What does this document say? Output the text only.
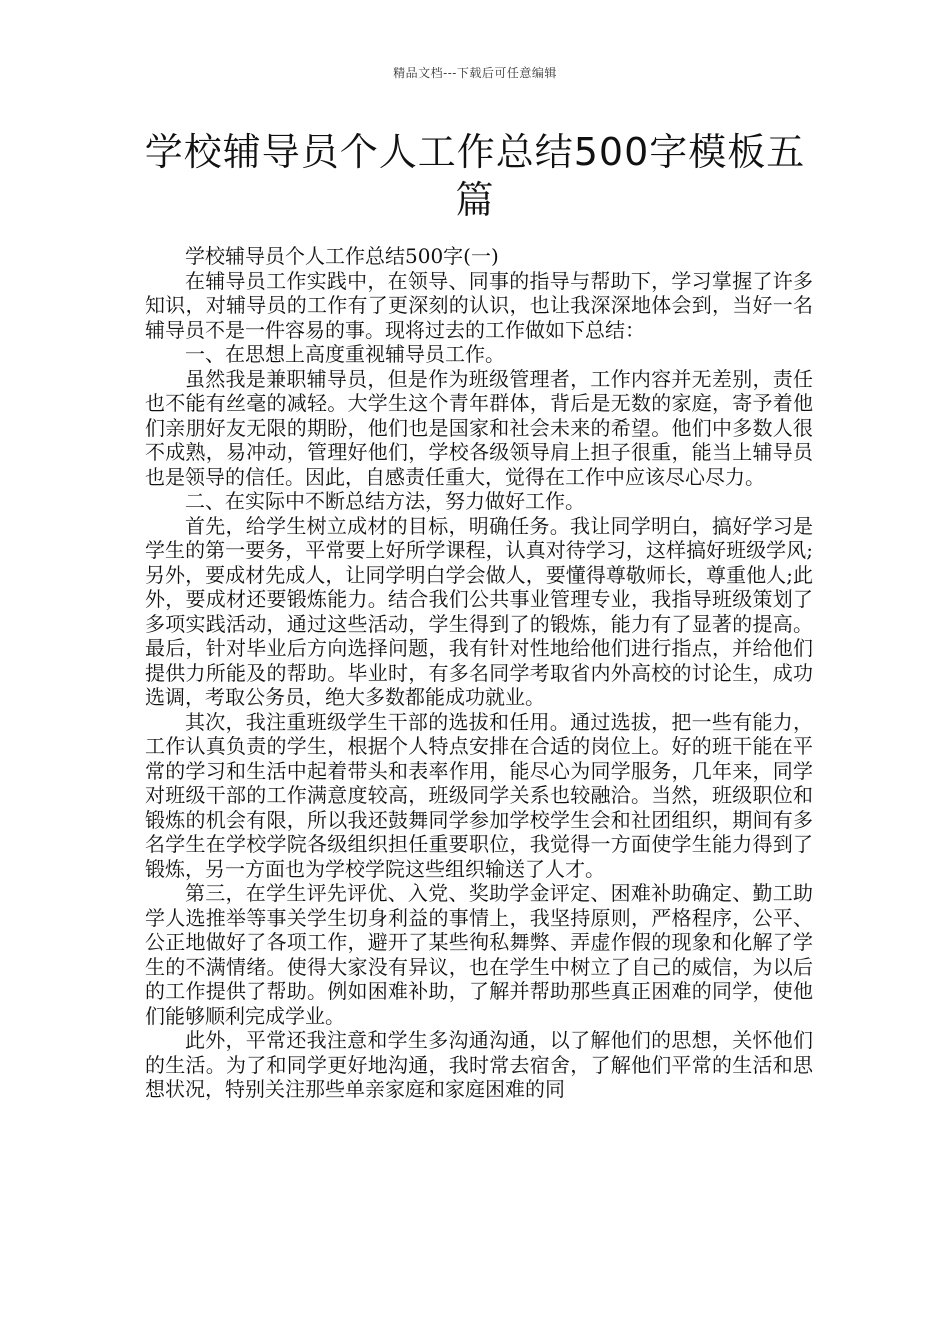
精品文档---下载后可任意编辑
学校辅导员个人工作总结500字模板五篇

学校辅导员个人工作总结500字(一)

在辅导员工作实践中，在领导、同事的指导与帮助下，学习掌握了许多知识，对辅导员的工作有了更深刻的认识，也让我深深地体会到，当好一名辅导员不是一件容易的事。现将过去的工作做如下总结：

一、在思想上高度重视辅导员工作。

虽然我是兼职辅导员，但是作为班级管理者，工作内容并无差别，责任也不能有丝毫的减轻。大学生这个青年群体，背后是无数的家庭，寄予着他们亲朋好友无限的期盼，他们也是国家和社会未来的希望。他们中多数人很不成熟，易冲动，管理好他们，学校各级领导肩上担子很重，能当上辅导员也是领导的信任。因此，自感责任重大，觉得在工作中应该尽心尽力。

二、在实际中不断总结方法，努力做好工作。

首先，给学生树立成材的目标，明确任务。我让同学明白，搞好学习是学生的第一要务，平常要上好所学课程，认真对待学习，这样搞好班级学风;另外，要成材先成人，让同学明白学会做人，要懂得尊敬师长，尊重他人;此外，要成材还要锻炼能力。结合我们公共事业管理专业，我指导班级策划了多项实践活动，通过这些活动，学生得到了的锻炼，能力有了显著的提高。最后，针对毕业后方向选择问题，我有针对性地给他们进行指点，并给他们提供力所能及的帮助。毕业时，有多名同学考取省内外高校的讨论生，成功选调，考取公务员，绝大多数都能成功就业。

其次，我注重班级学生干部的选拔和任用。通过选拔，把一些有能力，工作认真负责的学生，根据个人特点安排在合适的岗位上。好的班干能在平常的学习和生活中起着带头和表率作用，能尽心为同学服务，几年来，同学对班级干部的工作满意度较高，班级同学关系也较融洽。当然，班级职位和锻炼的机会有限，所以我还鼓舞同学参加学校学生会和社团组织，期间有多名学生在学校学院各级组织担任重要职位，我觉得一方面使学生能力得到了锻炼，另一方面也为学校学院这些组织输送了人才。

第三，在学生评先评优、入党、奖助学金评定、困难补助确定、勤工助学人选推举等事关学生切身利益的事情上，我坚持原则，严格程序，公平、公正地做好了各项工作，避开了某些徇私舞弊、弄虚作假的现象和化解了学生的不满情绪。使得大家没有异议，也在学生中树立了自己的威信，为以后的工作提供了帮助。例如困难补助，了解并帮助那些真正困难的同学，使他们能够顺利完成学业。

此外，平常还我注意和学生多沟通沟通，以了解他们的思想，关怀他们的生活。为了和同学更好地沟通，我时常去宿舍，了解他们平常的生活和思想状况，特别关注那些单亲家庭和家庭困难的同
